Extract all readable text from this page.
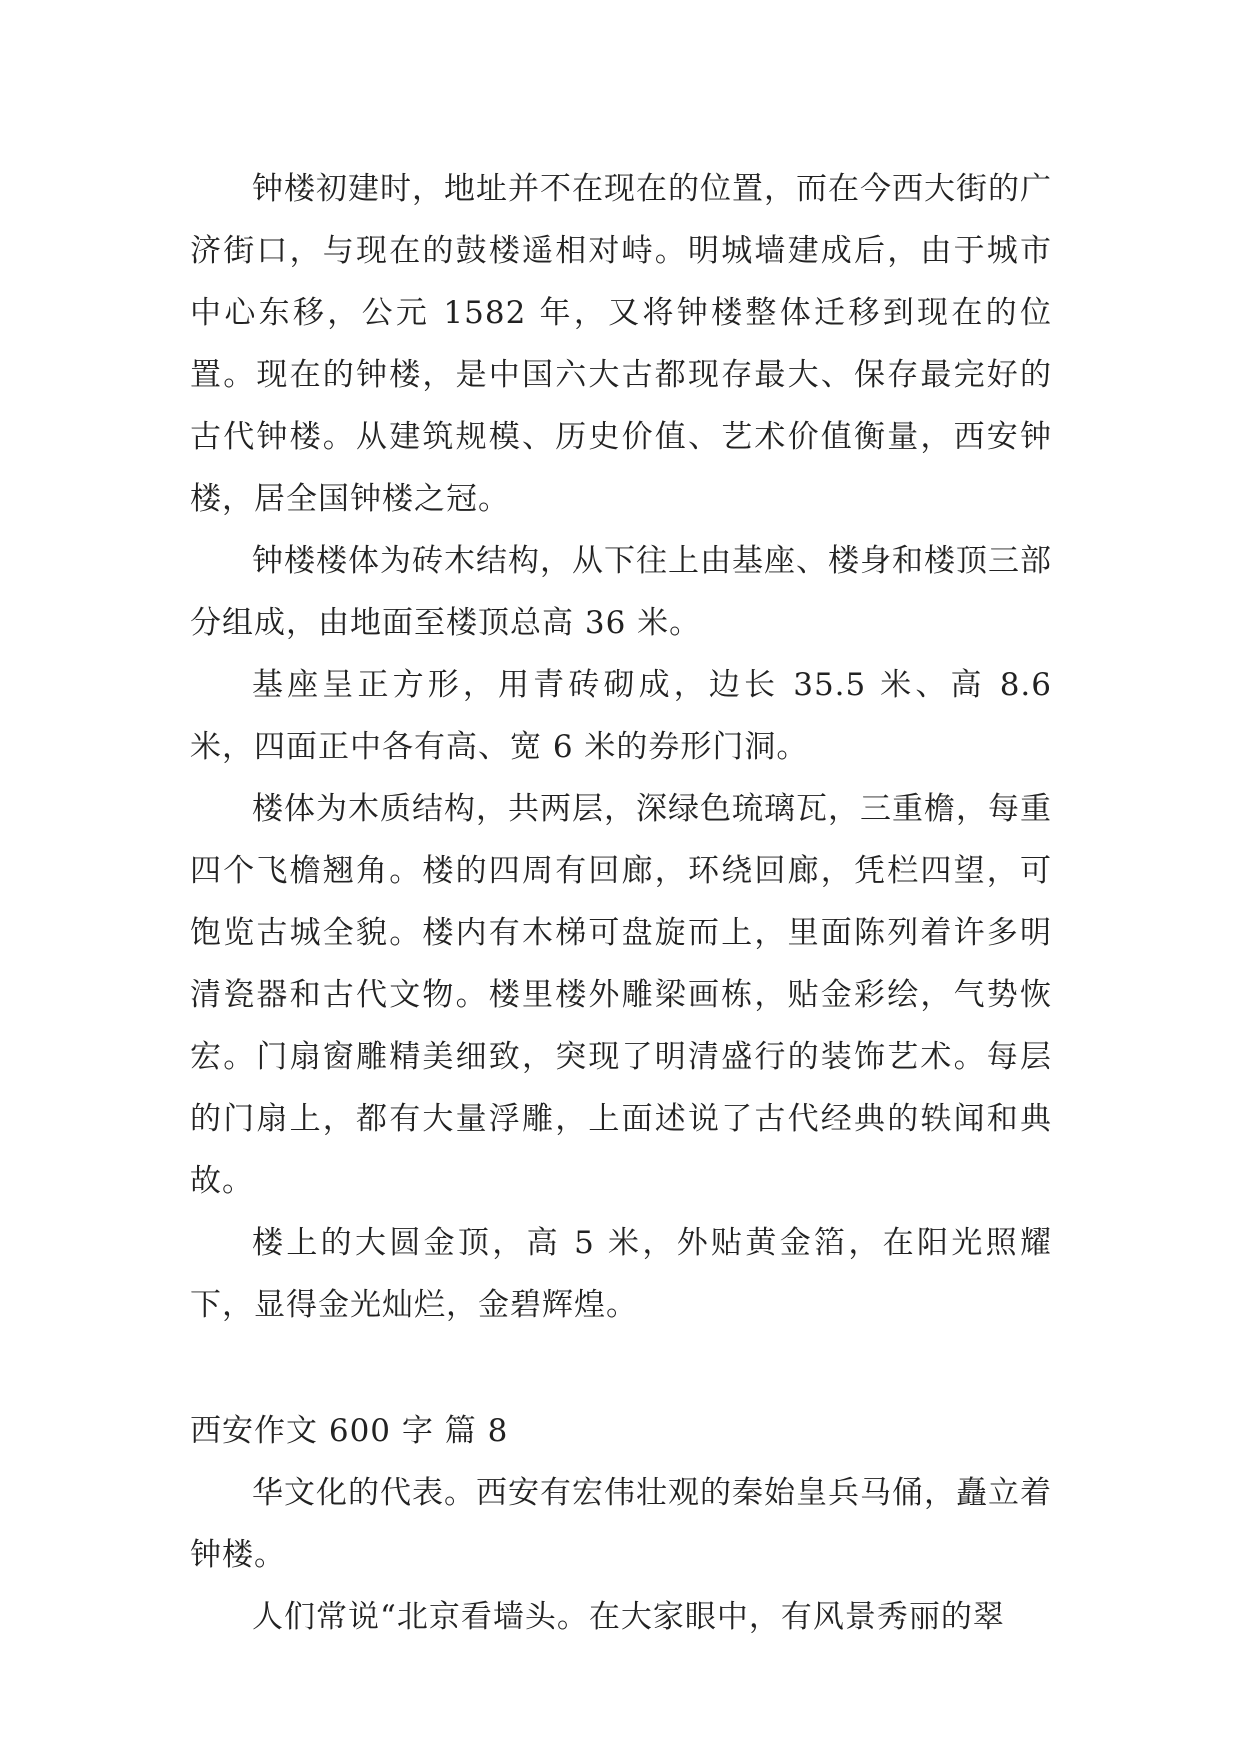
钟楼初建时，地址并不在现在的位置，而在今西大街的广济街口，与现在的鼓楼遥相对峙。明城墙建成后，由于城市中心东移，公元 1582 年，又将钟楼整体迁移到现在的位置。现在的钟楼，是中国六大古都现存最大、保存最完好的古代钟楼。从建筑规模、历史价值、艺术价值衡量，西安钟楼，居全国钟楼之冠。

钟楼楼体为砖木结构，从下往上由基座、楼身和楼顶三部分组成，由地面至楼顶总高 36 米。

基座呈正方形，用青砖砌成，边长 35.5 米、高 8.6 米，四面正中各有高、宽 6 米的券形门洞。

楼体为木质结构，共两层，深绿色琉璃瓦，三重檐，每重四个飞檐翘角。楼的四周有回廊，环绕回廊，凭栏四望，可饱览古城全貌。楼内有木梯可盘旋而上，里面陈列着许多明清瓷器和古代文物。楼里楼外雕梁画栋，贴金彩绘，气势恢宏。门扇窗雕精美细致，突现了明清盛行的装饰艺术。每层的门扇上，都有大量浮雕，上面述说了古代经典的轶闻和典故。

楼上的大圆金顶，高 5 米，外贴黄金箔，在阳光照耀下，显得金光灿烂，金碧辉煌。

西安作文 600 字 篇 8

华文化的代表。西安有宏伟壮观的秦始皇兵马俑，矗立着钟楼。

人们常说“北京看墙头。在大家眼中，有风景秀丽的翠
